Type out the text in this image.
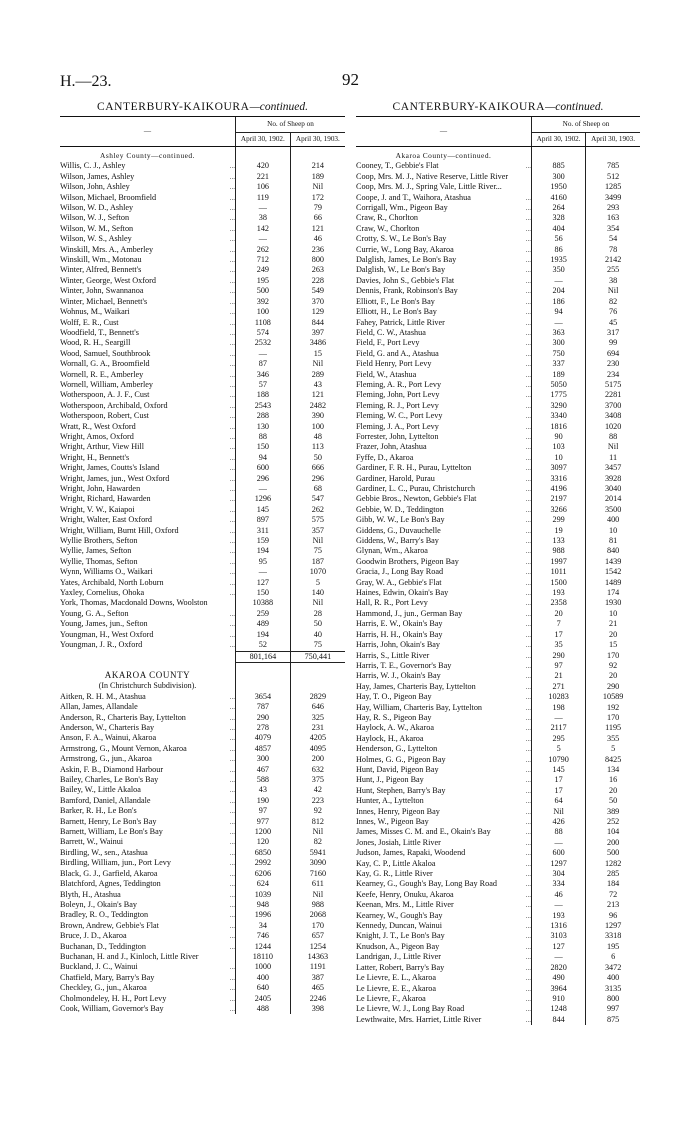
H.—23.	92
CANTERBURY-KAIKOURA—continued.
—		No. of Sheep on	
		April 30, 1902.	April 30, 1903.
Ashley County—continued.			
Willis, C. J., Ashley	...	420	214
Wilson, James, Ashley	...	221	189
Wilson, John, Ashley	...	106	Nil
Wilson, Michael, Broomfield	...	119	172
Wilson, W. D., Ashley	...	—	79
Wilson, W. J., Sefton	...	38	66
Wilson, W. M., Sefton	...	142	121
Wilson, W. S., Ashley	...	—	46
Winskill, Mrs. A., Amberley	...	262	236
Winskill, Wm., Motonau	...	712	800
Winter, Alfred, Bennett's	...	249	263
Winter, George, West Oxford	...	195	228
Winter, John, Swannanoa	...	500	549
Winter, Michael, Bennett's	...	392	370
Wohnus, M., Waikari	...	100	129
Wolff, E. R., Cust	...	1108	844
Woodfield, T., Bennett's	...	574	397
Wood, R. H., Seargill	...	2532	3486
Wood, Samuel, Southbrook	...	—	15
Wornall, G. A., Broomfield	...	87	Nil
Wornell, R. E., Amberley	...	346	289
Wornell, William, Amberley	...	57	43
Wotherspoon, A. J. F., Cust	...	188	121
Wotherspoon, Archibald, Oxford	...	2543	2482
Wotherspoon, Robert, Cust	...	288	390
Wratt, R., West Oxford	...	130	100
Wright, Amos, Oxford	...	88	48
Wright, Arthur, View Hill	...	150	113
Wright, H., Bennett's	...	94	50
Wright, James, Coutts's Island	...	600	666
Wright, James, jun., West Oxford	...	296	296
Wright, John, Hawarden	...	—	68
Wright, Richard, Hawarden	...	1296	547
Wright, V. W., Kaiapoi	...	145	262
Wright, Walter, East Oxford	...	897	575
Wright, William, Burnt Hill, Oxford	...	311	357
Wyllie Brothers, Sefton	...	159	Nil
Wyllie, James, Sefton	...	194	75
Wyllie, Thomas, Sefton	...	95	187
Wynn, Williams O., Waikari	...	—	1070
Yates, Archibald, North Loburn	...	127	5
Yaxley, Cornelius, Ohoka	...	150	140
York, Thomas, Macdonald Downs, Woolston		10388	Nil
Young, G. A., Sefton	...	259	28
Young, James, jun., Sefton	...	489	50
Youngman, H., West Oxford	...	194	40
Youngman, J. R., Oxford	...	52	75
		801,164	750,441
AKAROA COUNTY			
(In Christchurch Subdivision).			
Aitken, R. H. M., Atashua	...	3654	2829
Allan, James, Allandale	...	787	646
Anderson, R., Charteris Bay, Lyttelton	...	290	325
Anderson, W., Charteris Bay	...	278	231
Anson, F. A., Wainui, Akaroa	...	4079	4205
Armstrong, G., Mount Vernon, Akaroa	...	4857	4095
Armstrong, G., jun., Akaroa	...	300	200
Askin, F. B., Diamond Harbour	...	467	632
Bailey, Charles, Le Bon's Bay	...	588	375
Bailey, W., Little Akaloa	...	43	42
Bamford, Daniel, Allandale	...	190	223
Barker, R. H., Le Bon's	...	97	92
Barnett, Henry, Le Bon's Bay	...	977	812
Barnett, William, Le Bon's Bay	...	1200	Nil
Barrett, W., Wainui	...	120	82
Birdling, W., sen., Atashua	...	6850	5941
Birdling, William, jun., Port Levy	...	2992	3090
Black, G. J., Garfield, Akaroa	...	6206	7160
Blatchford, Agnes, Teddington	...	624	611
Blyth, H., Atashua	...	1039	Nil
Boleyn, J., Okain's Bay	...	948	988
Bradley, R. O., Teddington	...	1996	2068
Brown, Andrew, Gebbie's Flat	...	34	170
Bruce, J. D., Akaroa	...	746	657
Buchanan, D., Teddington	...	1244	1254
Buchanan, H. and J., Kinloch, Little River		18110	14363
Buckland, J. C., Wainui	...	1000	1191
Chatfield, Mary, Barry's Bay	...	400	387
Checkley, G., jun., Akaroa	...	640	465
Cholmondeley, H. H., Port Levy	...	2405	2246
Cook, William, Governor's Bay	...	488	398
CANTERBURY-KAIKOURA—continued.
—		No. of Sheep on	
		April 30, 1902.	April 30, 1903.
Akaroa County—continued.			
Cooney, T., Gebbie's Flat	...	885	785
Coop, Mrs. M. J., Native Reserve, Little River		300	512
Coop, Mrs. M. J., Spring Vale, Little River...		1950	1285
Coope, J. and T., Waihora, Atashua	...	4160	3499
Corrigall, Wm., Pigeon Bay	...	264	293
Craw, R., Chorlton	...	328	163
Craw, W., Chorlton	...	404	354
Crotty, S. W., Le Bon's Bay	...	56	54
Currie, W., Long Bay, Akaroa	...	86	78
Dalglish, James, Le Bon's Bay	...	1935	2142
Dalglish, W., Le Bon's Bay	...	350	255
Davies, John S., Gebbie's Flat	...	—	38
Dennis, Frank, Robinson's Bay	...	204	Nil
Elliott, F., Le Bon's Bay	...	186	82
Elliott, H., Le Bon's Bay	...	94	76
Fahey, Patrick, Little River	...	—	45
Field, C. W., Atashua	...	363	317
Field, F., Port Levy	...	300	99
Field, G. and A., Atashua	...	750	694
Field Henry, Port Levy	...	337	230
Field, W., Atashua	...	189	234
Fleming, A. R., Port Levy	...	5050	5175
Fleming, John, Port Levy	...	1775	2281
Fleming, R. J., Port Levy	...	3290	3700
Fleming, W. C., Port Levy	...	3340	3408
Fleming, J. A., Port Levy	...	1816	1020
Forrester, John, Lyttelton	...	90	88
Frazer, John, Atashua	...	103	Nil
Fyffe, D., Akaroa	...	10	11
Gardiner, F. R. H., Purau, Lyttelton	...	3097	3457
Gardiner, Harold, Purau	...	3316	3928
Gardiner, L. C., Purau, Christchurch	...	4196	3040
Gebbie Bros., Newton, Gebbie's Flat	...	2197	2014
Gebbie, W. D., Teddington	...	3266	3500
Gibb, W. W., Le Bon's Bay	...	299	400
Giddens, G., Duvauchelle	...	19	10
Giddens, W., Barry's Bay	...	133	81
Glynan, Wm., Akaroa	...	988	840
Goodwin Brothers, Pigeon Bay	...	1997	1439
Gracia, J., Long Bay Road	...	1011	1542
Gray, W. A., Gebbie's Flat	...	1500	1489
Haines, Edwin, Okain's Bay	...	193	174
Hall, R. R., Port Levy	...	2358	1930
Hammond, J., jun., German Bay	...	20	10
Harris, E. W., Okain's Bay	...	7	21
Harris, H. H., Okain's Bay	...	17	20
Harris, John, Okain's Bay	...	35	15
Harris, S., Little River	...	290	170
Harris, T. E., Governor's Bay	...	97	92
Harris, W. J., Okain's Bay	...	21	20
Hay, James, Charteris Bay, Lyttelton	...	271	290
Hay, T. O., Pigeon Bay	...	10283	10589
Hay, William, Charteris Bay, Lyttelton	...	198	192
Hay, R. S., Pigeon Bay	...	—	170
Haylock, A. W., Akaroa	...	2117	1195
Haylock, H., Akaroa	...	295	355
Henderson, G., Lyttelton	...	5	5
Holmes, G. G., Pigeon Bay	...	10790	8425
Hunt, David, Pigeon Bay	...	145	134
Hunt, J., Pigeon Bay	...	17	16
Hunt, Stephen, Barry's Bay	...	17	20
Hunter, A., Lyttelton	...	64	50
Innes, Henry, Pigeon Bay	...	Nil	389
Innes, W., Pigeon Bay	...	426	252
James, Misses C. M. and E., Okain's Bay	...	88	104
Jones, Josiah, Little River	...	—	200
Judson, James, Rapaki, Woodend	...	600	500
Kay, C. P., Little Akaloa	...	1297	1282
Kay, G. R., Little River	...	304	285
Kearney, G., Gough's Bay, Long Bay Road	...	334	184
Keefe, Henry, Onuku, Akaroa	...	46	72
Keenan, Mrs. M., Little River	...	—	213
Kearney, W., Gough's Bay	...	193	96
Kennedy, Duncan, Wainui	...	1316	1297
Knight, J. T., Le Bon's Bay	...	3103	3318
Knudson, A., Pigeon Bay	...	127	195
Landrigan, J., Little River	...	—	6
Latter, Robert, Barry's Bay	...	2820	3472
Le Lievre, E. L., Akaroa	...	490	400
Le Lievre, E. E., Akaroa	...	3964	3135
Le Lievre, F., Akaroa	...	910	800
Le Lievre, W. J., Long Bay Road	...	1248	997
Lewthwaite, Mrs. Harriet, Little River	...	844	875
